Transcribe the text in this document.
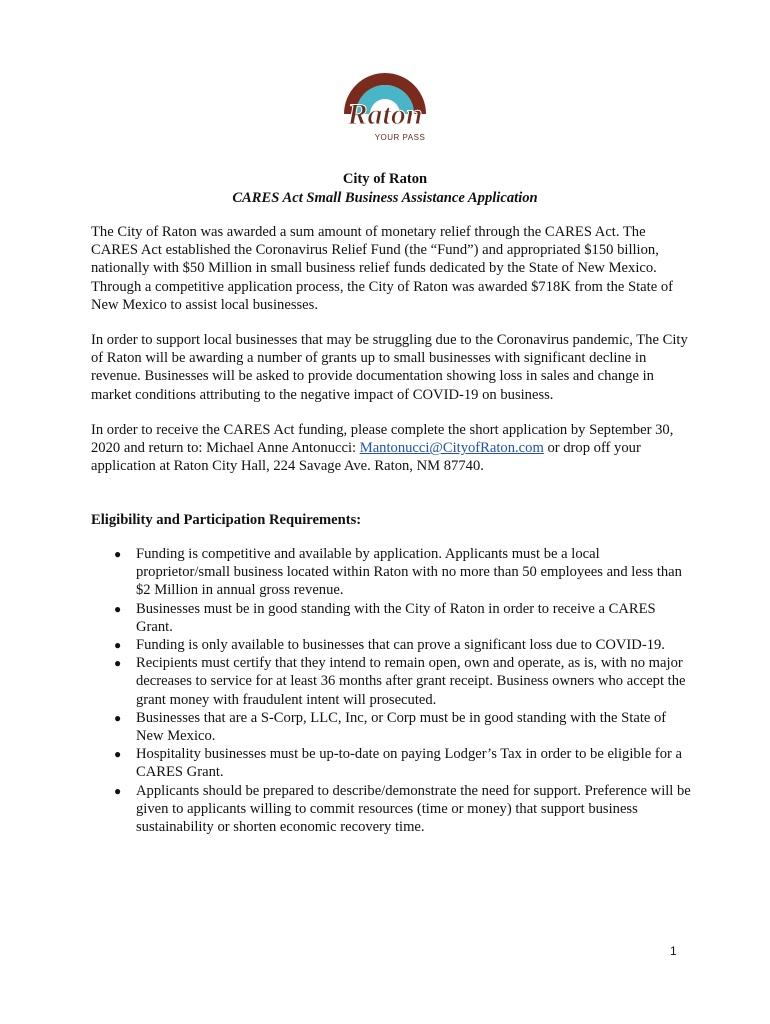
Raton
YOUR PASS
City of Raton
CARES Act Small Business Assistance Application
The City of Raton was awarded a sum amount of monetary relief through the CARES Act. The CARES Act established the Coronavirus Relief Fund (the “Fund”) and appropriated $150 billion, nationally with $50 Million in small business relief funds dedicated by the State of New Mexico. Through a competitive application process, the City of Raton was awarded $718K from the State of New Mexico to assist local businesses.
In order to support local businesses that may be struggling due to the Coronavirus pandemic, The City of Raton will be awarding a number of grants up to small businesses with significant decline in revenue. Businesses will be asked to provide documentation showing loss in sales and change in market conditions attributing to the negative impact of COVID-19 on business.
In order to receive the CARES Act funding, please complete the short application by September 30, 2020 and return to: Michael Anne Antonucci: Mantonucci@CityofRaton.com or drop off your application at Raton City Hall, 224 Savage Ave. Raton, NM 87740.
Eligibility and Participation Requirements:
● Funding is competitive and available by application. Applicants must be a local proprietor/small business located within Raton with no more than 50 employees and less than $2 Million in annual gross revenue.
● Businesses must be in good standing with the City of Raton in order to receive a CARES Grant.
● Funding is only available to businesses that can prove a significant loss due to COVID-19.
● Recipients must certify that they intend to remain open, own and operate, as is, with no major decreases to service for at least 36 months after grant receipt. Business owners who accept the grant money with fraudulent intent will prosecuted.
● Businesses that are a S-Corp, LLC, Inc, or Corp must be in good standing with the State of New Mexico.
● Hospitality businesses must be up-to-date on paying Lodger’s Tax in order to be eligible for a CARES Grant.
● Applicants should be prepared to describe/demonstrate the need for support. Preference will be given to applicants willing to commit resources (time or money) that support business sustainability or shorten economic recovery time.
1
